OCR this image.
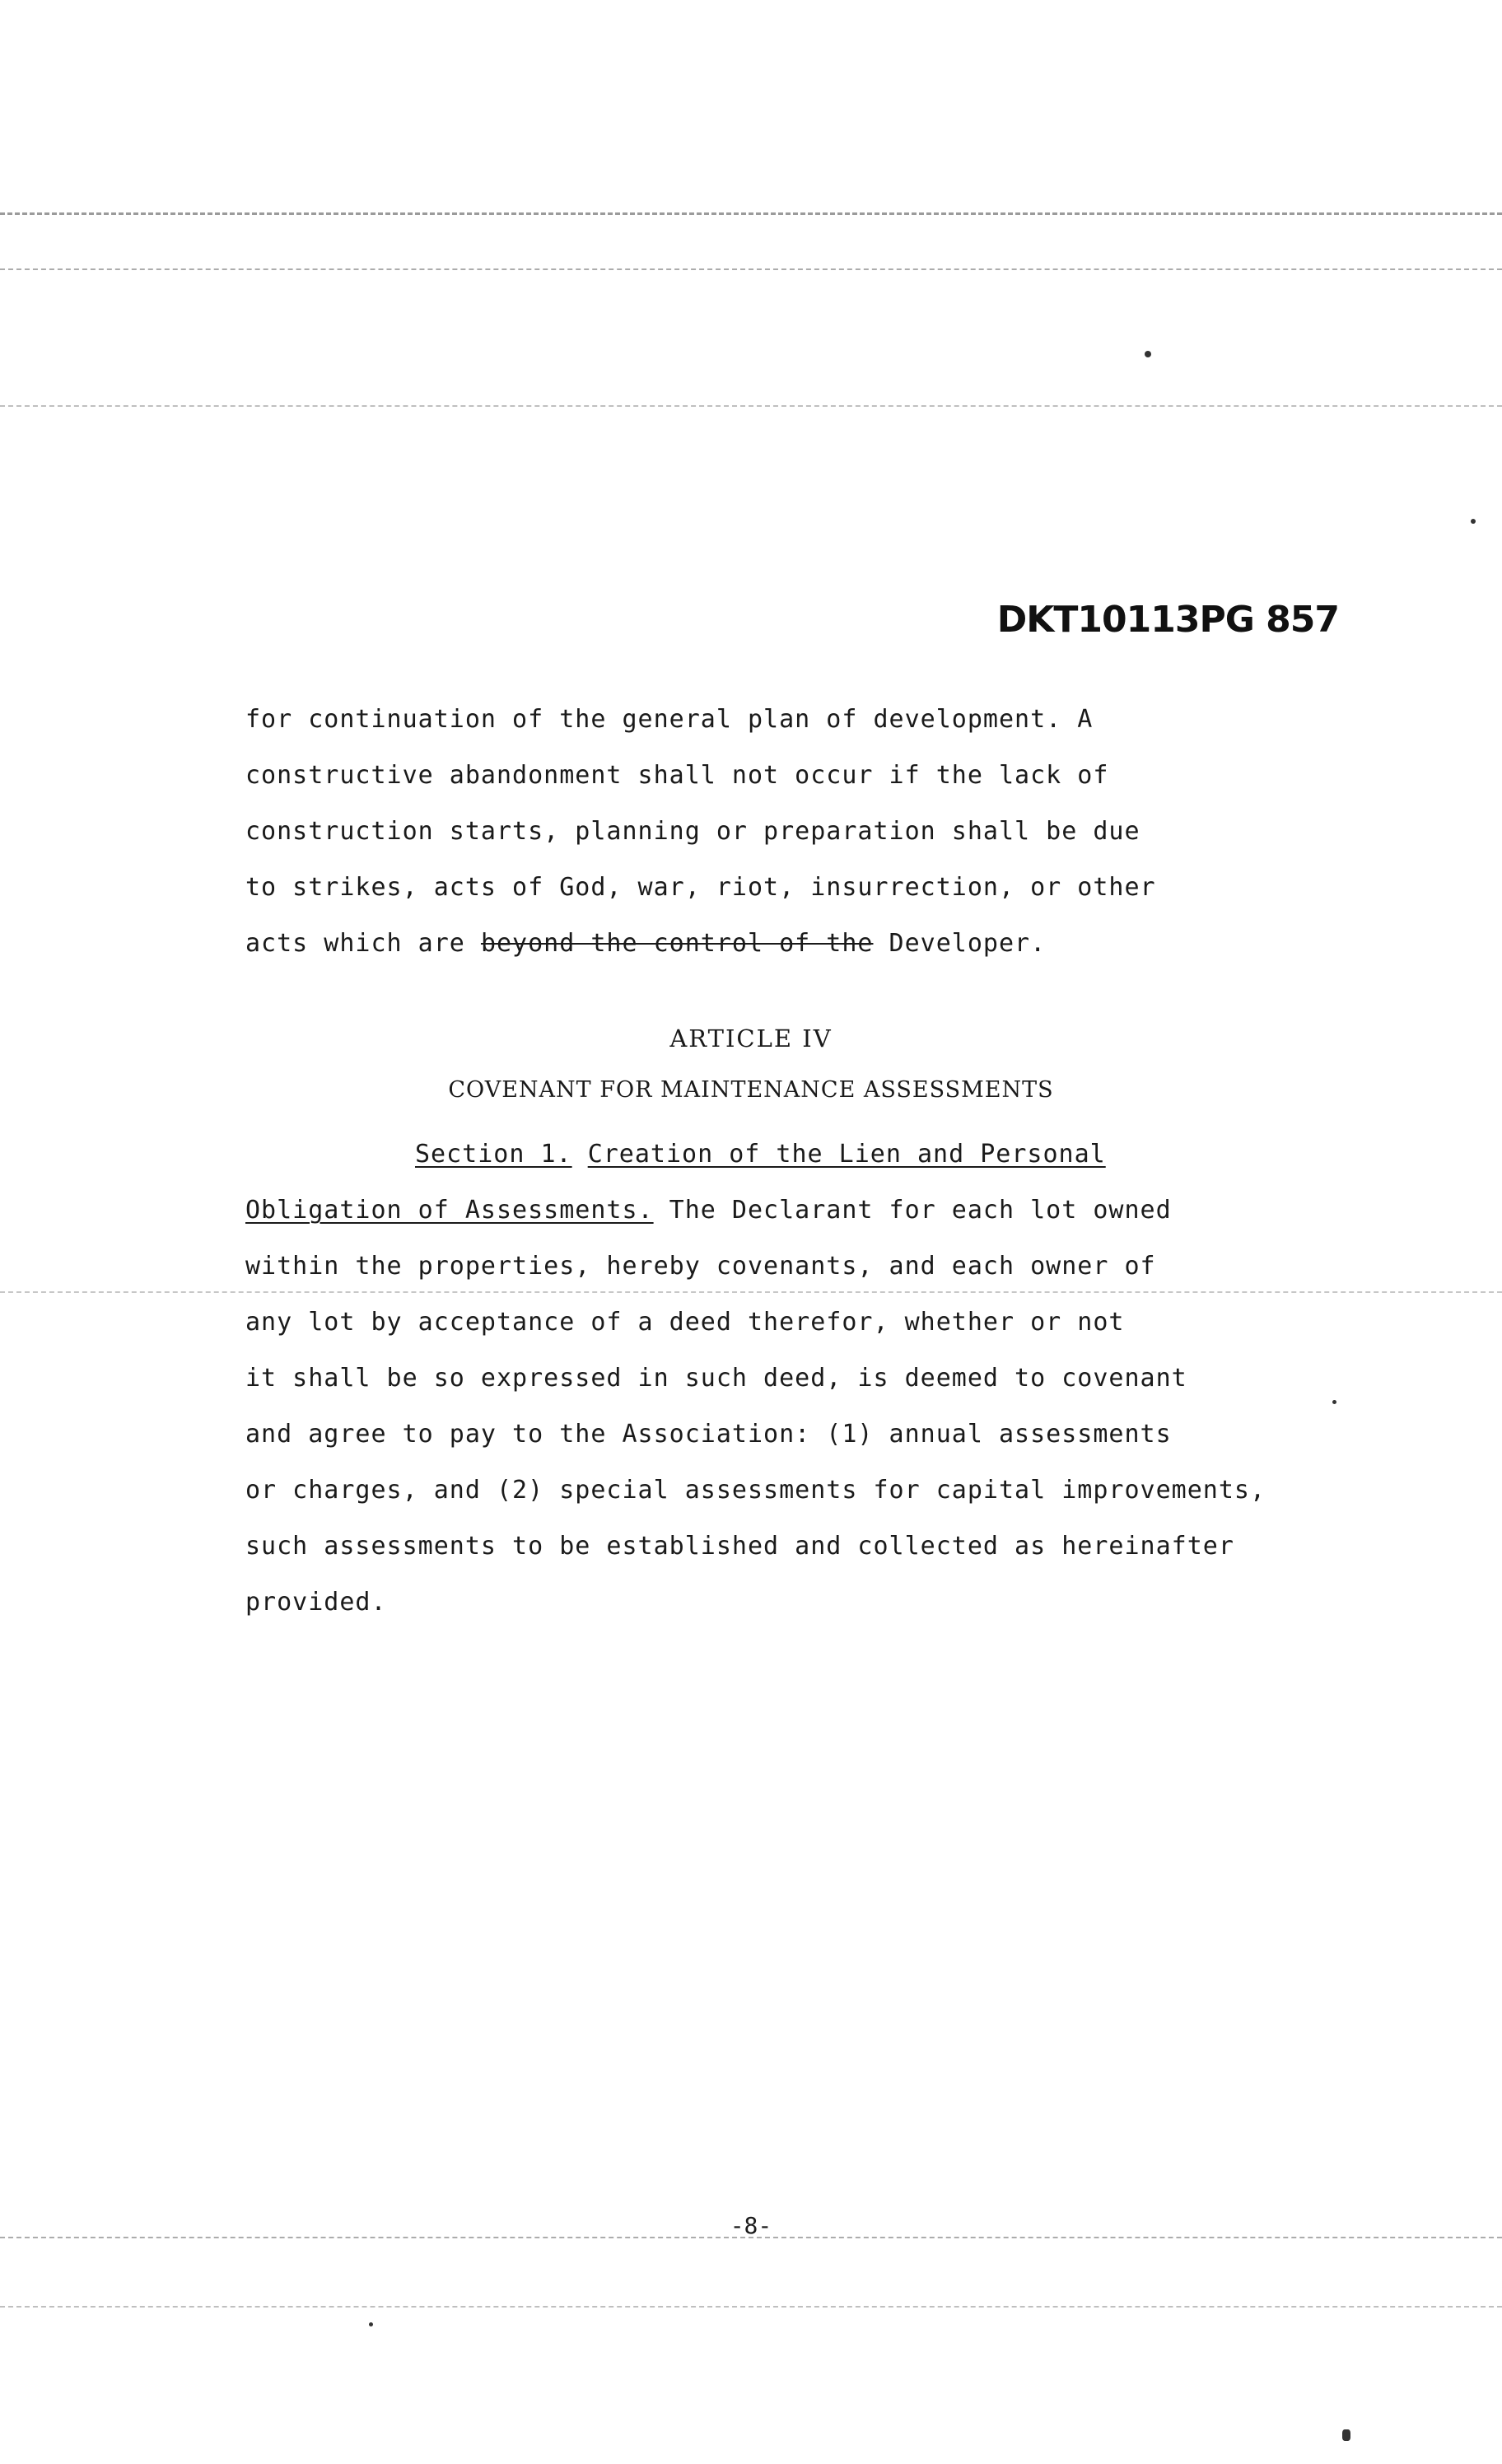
DKT10113PG 857
for continuation of the general plan of development. A
constructive abandonment shall not occur if the lack of
construction starts, planning or preparation shall be due
to strikes, acts of God, war, riot, insurrection, or other
acts which are beyond the control of the Developer.
ARTICLE IV
COVENANT FOR MAINTENANCE ASSESSMENTS
Section 1. Creation of the Lien and Personal
Obligation of Assessments. The Declarant for each lot owned
within the properties, hereby covenants, and each owner of
any lot by acceptance of a deed therefor, whether or not
it shall be so expressed in such deed, is deemed to covenant
and agree to pay to the Association: (1) annual assessments
or charges, and (2) special assessments for capital improvements,
such assessments to be established and collected as hereinafter
provided.
-8-
